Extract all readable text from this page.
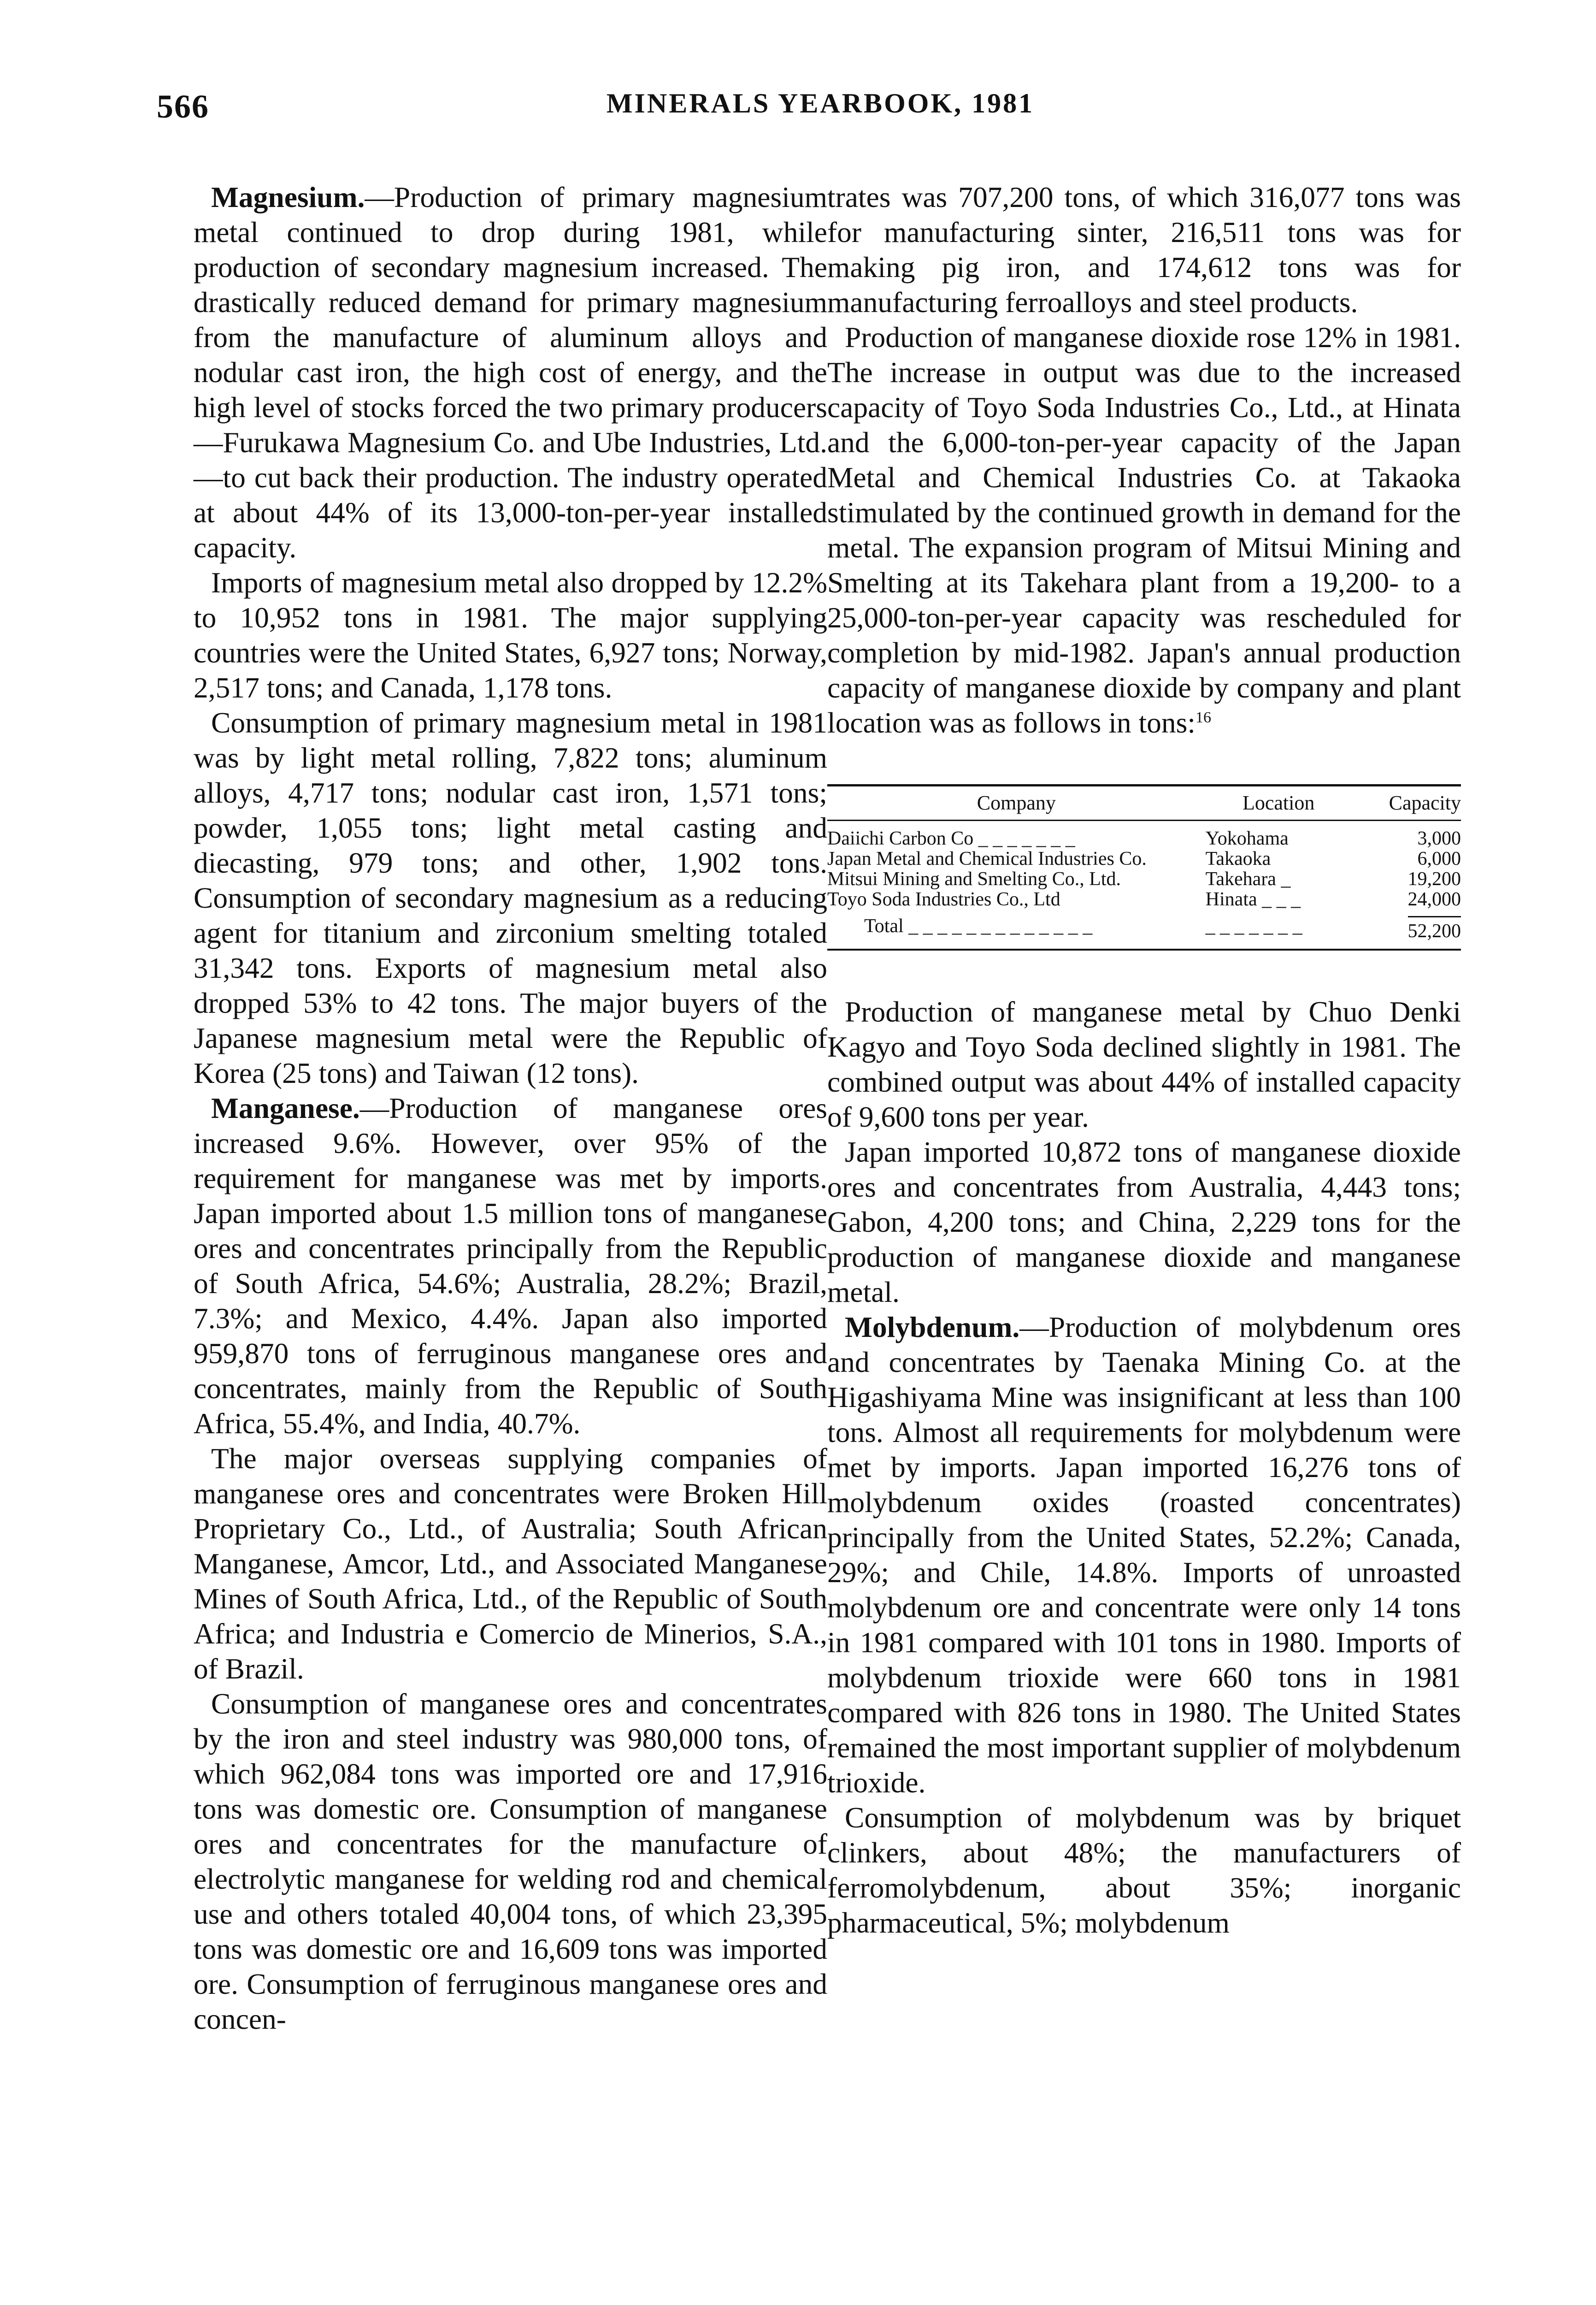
566	MINERALS YEARBOOK, 1981

Magnesium.—Production of primary magnesium metal continued to drop during 1981, while production of secondary magnesium increased. The drastically reduced demand for primary magnesium from the manufacture of aluminum alloys and nodular cast iron, the high cost of energy, and the high level of stocks forced the two primary producers—Furukawa Magnesium Co. and Ube Industries, Ltd.—to cut back their production. The industry operated at about 44% of its 13,000-ton-per-year installed capacity.

Imports of magnesium metal also dropped by 12.2% to 10,952 tons in 1981. The major supplying countries were the United States, 6,927 tons; Norway, 2,517 tons; and Canada, 1,178 tons.

Consumption of primary magnesium metal in 1981 was by light metal rolling, 7,822 tons; aluminum alloys, 4,717 tons; nodular cast iron, 1,571 tons; powder, 1,055 tons; light metal casting and diecasting, 979 tons; and other, 1,902 tons. Consumption of secondary magnesium as a reducing agent for titanium and zirconium smelting totaled 31,342 tons. Exports of magnesium metal also dropped 53% to 42 tons. The major buyers of the Japanese magnesium metal were the Republic of Korea (25 tons) and Taiwan (12 tons).

Manganese.—Production of manganese ores increased 9.6%. However, over 95% of the requirement for manganese was met by imports. Japan imported about 1.5 million tons of manganese ores and concentrates principally from the Republic of South Africa, 54.6%; Australia, 28.2%; Brazil, 7.3%; and Mexico, 4.4%. Japan also imported 959,870 tons of ferruginous manganese ores and concentrates, mainly from the Republic of South Africa, 55.4%, and India, 40.7%.

The major overseas supplying companies of manganese ores and concentrates were Broken Hill Proprietary Co., Ltd., of Australia; South African Manganese, Amcor, Ltd., and Associated Manganese Mines of South Africa, Ltd., of the Republic of South Africa; and Industria e Comercio de Minerios, S.A., of Brazil.

Consumption of manganese ores and concentrates by the iron and steel industry was 980,000 tons, of which 962,084 tons was imported ore and 17,916 tons was domestic ore. Consumption of manganese ores and concentrates for the manufacture of electrolytic manganese for welding rod and chemical use and others totaled 40,004 tons, of which 23,395 tons was domestic ore and 16,609 tons was imported ore. Consumption of ferruginous manganese ores and concen-

trates was 707,200 tons, of which 316,077 tons was for manufacturing sinter, 216,511 tons was for making pig iron, and 174,612 tons was for manufacturing ferroalloys and steel products.

Production of manganese dioxide rose 12% in 1981. The increase in output was due to the increased capacity of Toyo Soda Industries Co., Ltd., at Hinata and the 6,000-ton-per-year capacity of the Japan Metal and Chemical Industries Co. at Takaoka stimulated by the continued growth in demand for the metal. The expansion program of Mitsui Mining and Smelting at its Takehara plant from a 19,200- to a 25,000-ton-per-year capacity was rescheduled for completion by mid-1982. Japan's annual production capacity of manganese dioxide by company and plant location was as follows in tons:$^{16}$

Company	Location	Capacity

Daiichi Carbon Co _ _ _ _ _ _ _	Yokohama	3,000

Japan Metal and Chemical Industries Co.	Takaoka	6,000

Mitsui Mining and Smelting Co., Ltd.	Takehara _	19,200

Toyo Soda Industries Co., Ltd	Hinata _ _ _	24,000
Total _ _ _ _ _ _ _ _ _ _ _ _ _	_ _ _ _ _ _ _	52,200

Production of manganese metal by Chuo Denki Kagyo and Toyo Soda declined slightly in 1981. The combined output was about 44% of installed capacity of 9,600 tons per year.

Japan imported 10,872 tons of manganese dioxide ores and concentrates from Australia, 4,443 tons; Gabon, 4,200 tons; and China, 2,229 tons for the production of manganese dioxide and manganese metal.

Molybdenum.—Production of molybdenum ores and concentrates by Taenaka Mining Co. at the Higashiyama Mine was insignificant at less than 100 tons. Almost all requirements for molybdenum were met by imports. Japan imported 16,276 tons of molybdenum oxides (roasted concentrates) principally from the United States, 52.2%; Canada, 29%; and Chile, 14.8%. Imports of unroasted molybdenum ore and concentrate were only 14 tons in 1981 compared with 101 tons in 1980. Imports of molybdenum trioxide were 660 tons in 1981 compared with 826 tons in 1980. The United States remained the most important supplier of molybdenum trioxide.

Consumption of molybdenum was by briquet clinkers, about 48%; the manufacturers of ferromolybdenum, about 35%; inorganic pharmaceutical, 5%; molybdenum
